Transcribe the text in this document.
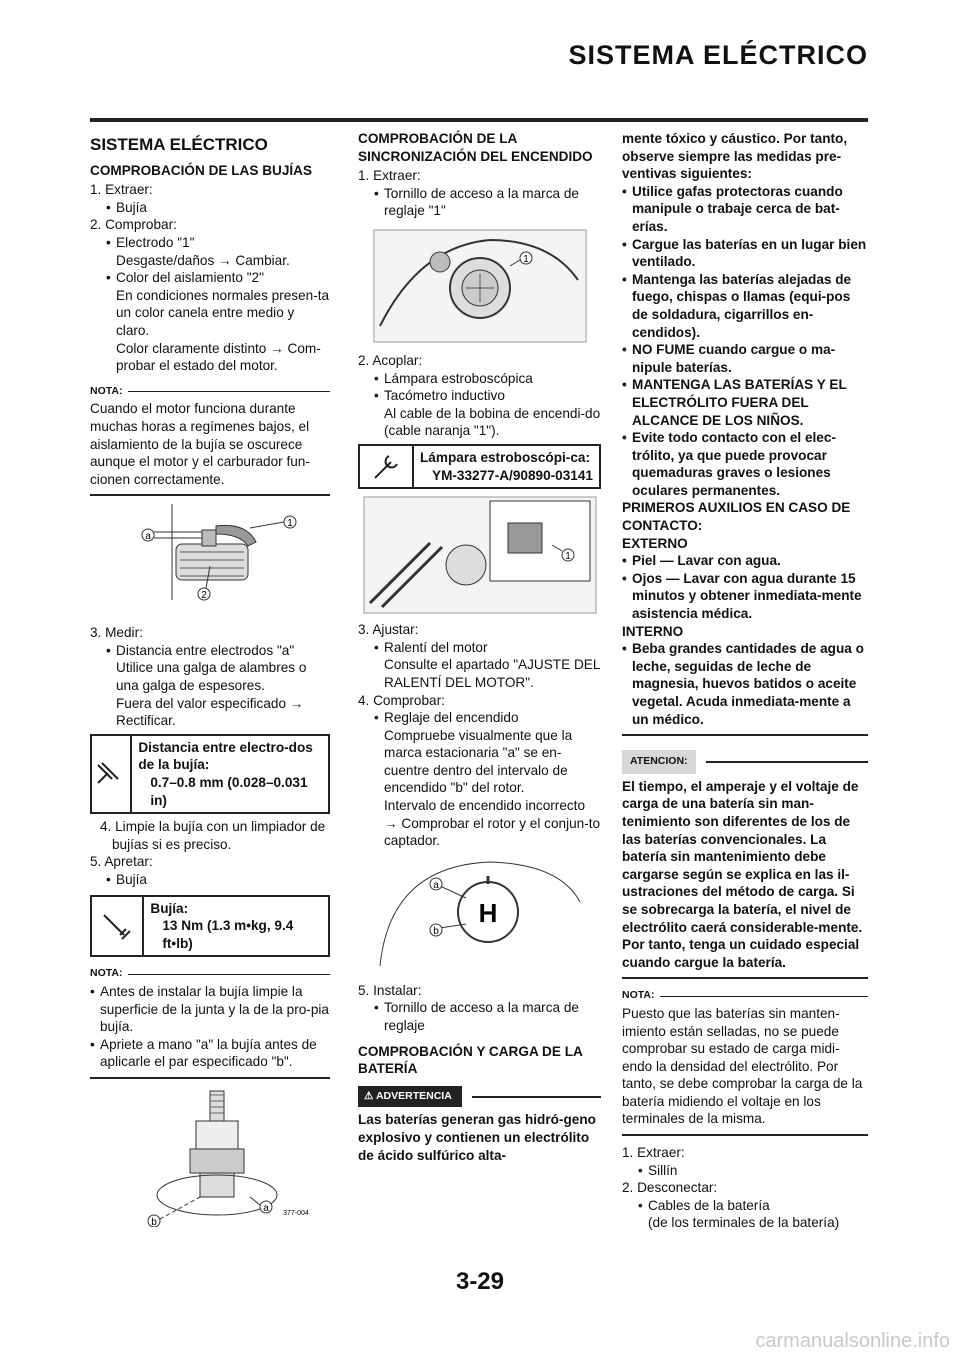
SISTEMA ELÉCTRICO
SISTEMA ELÉCTRICO
COMPROBACIÓN DE LAS BUJÍAS
1. Extraer:
• Bujía
2. Comprobar:
• Electrodo "1"
Desgaste/daños → Cambiar.
• Color del aislamiento "2"
En condiciones normales presen-ta un color canela entre medio y claro.
Color claramente distinto → Com-probar el estado del motor.
NOTA:
Cuando el motor funciona durante muchas horas a regímenes bajos, el aislamiento de la bujía se oscurece aunque el motor y el carburador fun-cionen correctamente.
a
1
2
3. Medir:
• Distancia entre electrodos "a"
Utilice una galga de alambres o una galga de espesores.
Fuera del valor especificado → Rectificar.
Distancia entre electro-dos de la bujía:
0.7–0.8 mm (0.028–0.031 in)
4. Limpie la bujía con un limpiador de bujías si es preciso.
5. Apretar:
• Bujía
Bujía:
13 Nm (1.3 m•kg, 9.4 ft•lb)
NOTA:
• Antes de instalar la bujía limpie la superficie de la junta y la de la pro-pia bujía.
• Apriete a mano "a" la bujía antes de aplicarle el par especificado "b".
b
a 377-004
COMPROBACIÓN DE LA SINCRONIZACIÓN DEL ENCENDIDO
1. Extraer:
• Tornillo de acceso a la marca de reglaje "1"
1
2. Acoplar:
• Lámpara estroboscópica
• Tacómetro inductivo
Al cable de la bobina de encendi-do (cable naranja "1").
Lámpara estroboscópi-ca:
YM-33277-A/90890-03141
1
3. Ajustar:
• Ralentí del motor
Consulte el apartado "AJUSTE DEL RALENTÍ DEL MOTOR".
4. Comprobar:
• Reglaje del encendido
Compruebe visualmente que la marca estacionaria "a" se en-cuentre dentro del intervalo de encendido "b" del rotor.
Intervalo de encendido incorrecto → Comprobar el rotor y el conjun-to captador.
H
a
b
5. Instalar:
• Tornillo de acceso a la marca de reglaje
COMPROBACIÓN Y CARGA DE LA BATERÍA
⚠ ADVERTENCIA
Las baterías generan gas hidró-geno explosivo y contienen un electrólito de ácido sulfúrico alta-
mente tóxico y cáustico. Por tanto, observe siempre las medidas pre-ventivas siguientes:
• Utilice gafas protectoras cuando manipule o trabaje cerca de bat-erías.
• Cargue las baterías en un lugar bien ventilado.
• Mantenga las baterías alejadas de fuego, chispas o llamas (equi-pos de soldadura, cigarrillos en-cendidos).
• NO FUME cuando cargue o ma-nipule baterías.
• MANTENGA LAS BATERÍAS Y EL ELECTRÓLITO FUERA DEL ALCANCE DE LOS NIÑOS.
• Evite todo contacto con el elec-trólito, ya que puede provocar quemaduras graves o lesiones oculares permanentes.
PRIMEROS AUXILIOS EN CASO DE CONTACTO:
EXTERNO
• Piel — Lavar con agua.
• Ojos — Lavar con agua durante 15 minutos y obtener inmediata-mente asistencia médica.
INTERNO
• Beba grandes cantidades de agua o leche, seguidas de leche de magnesia, huevos batidos o aceite vegetal. Acuda inmediata-mente a un médico.
ATENCION:
El tiempo, el amperaje y el voltaje de carga de una batería sin man-tenimiento son diferentes de los de las baterías convencionales. La batería sin mantenimiento debe cargarse según se explica en las il-ustraciones del método de carga. Si se sobrecarga la batería, el nivel de electrólito caerá considerable-mente. Por tanto, tenga un cuidado especial cuando cargue la batería.
NOTA:
Puesto que las baterías sin manten-imiento están selladas, no se puede comprobar su estado de carga midi-endo la densidad del electrólito. Por tanto, se debe comprobar la carga de la batería midiendo el voltaje en los terminales de la misma.
1. Extraer:
• Sillín
2. Desconectar:
• Cables de la batería
(de los terminales de la batería)
3-29
carmanualsonline.info
